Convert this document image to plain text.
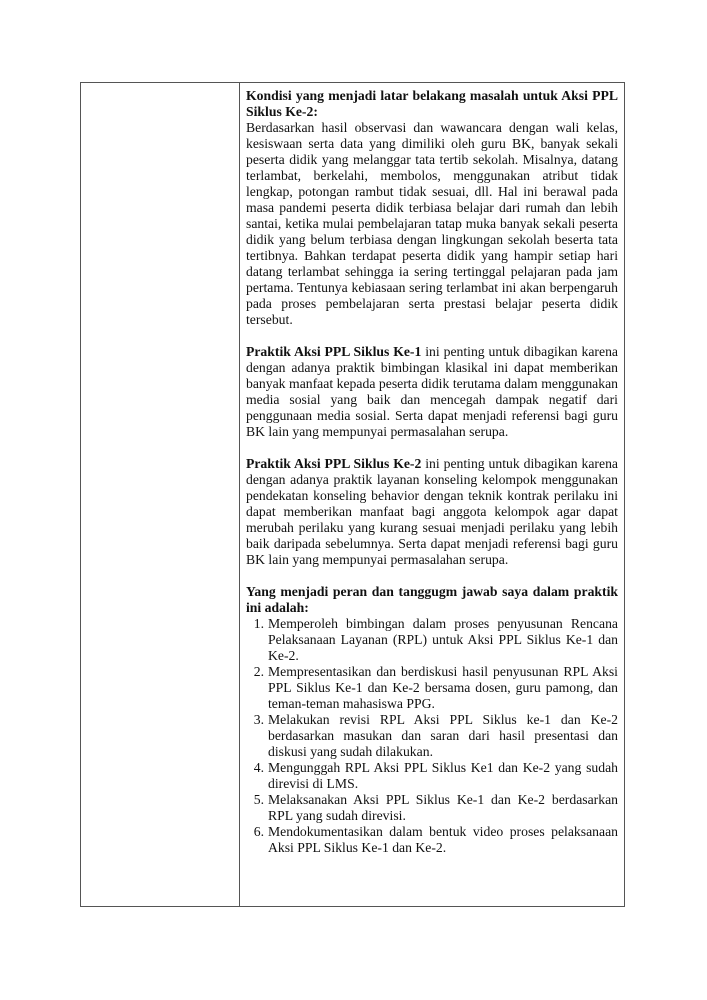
Kondisi yang menjadi latar belakang masalah untuk Aksi PPL Siklus Ke-2:

Berdasarkan hasil observasi dan wawancara dengan wali kelas, kesiswaan serta data yang dimiliki oleh guru BK, banyak sekali peserta didik yang melanggar tata tertib sekolah. Misalnya, datang terlambat, berkelahi, membolos, menggunakan atribut tidak lengkap, potongan rambut tidak sesuai, dll. Hal ini berawal pada masa pandemi peserta didik terbiasa belajar dari rumah dan lebih santai, ketika mulai pembelajaran tatap muka banyak sekali peserta didik yang belum terbiasa dengan lingkungan sekolah beserta tata tertibnya. Bahkan terdapat peserta didik yang hampir setiap hari datang terlambat sehingga ia sering tertinggal pelajaran pada jam pertama. Tentunya kebiasaan sering terlambat ini akan berpengaruh pada proses pembelajaran serta prestasi belajar peserta didik tersebut.

Praktik Aksi PPL Siklus Ke-1 ini penting untuk dibagikan karena dengan adanya praktik bimbingan klasikal ini dapat memberikan banyak manfaat kepada peserta didik terutama dalam menggunakan media sosial yang baik dan mencegah dampak negatif dari penggunaan media sosial. Serta dapat menjadi referensi bagi guru BK lain yang mempunyai permasalahan serupa.

Praktik Aksi PPL Siklus Ke-2 ini penting untuk dibagikan karena dengan adanya praktik layanan konseling kelompok menggunakan pendekatan konseling behavior dengan teknik kontrak perilaku ini dapat memberikan manfaat bagi anggota kelompok agar dapat merubah perilaku yang kurang sesuai menjadi perilaku yang lebih baik daripada sebelumnya. Serta dapat menjadi referensi bagi guru BK lain yang mempunyai permasalahan serupa.

Yang menjadi peran dan tanggugm jawab saya dalam praktik ini adalah:

1. Memperoleh bimbingan dalam proses penyusunan Rencana Pelaksanaan Layanan (RPL) untuk Aksi PPL Siklus Ke-1 dan Ke-2.
2. Mempresentasikan dan berdiskusi hasil penyusunan RPL Aksi PPL Siklus Ke-1 dan Ke-2 bersama dosen, guru pamong, dan teman-teman mahasiswa PPG.
3. Melakukan revisi RPL Aksi PPL Siklus ke-1 dan Ke-2 berdasarkan masukan dan saran dari hasil presentasi dan diskusi yang sudah dilakukan.
4. Mengunggah RPL Aksi PPL Siklus Ke1 dan Ke-2 yang sudah direvisi di LMS.
5. Melaksanakan Aksi PPL Siklus Ke-1 dan Ke-2 berdasarkan RPL yang sudah direvisi.
6. Mendokumentasikan dalam bentuk video proses pelaksanaan Aksi PPL Siklus Ke-1 dan Ke-2.
